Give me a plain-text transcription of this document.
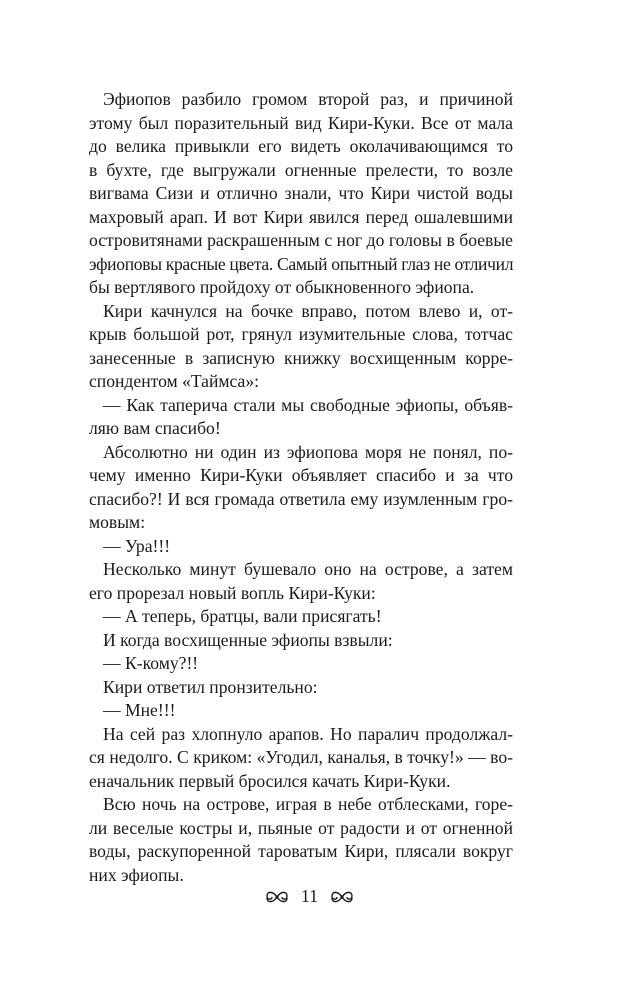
Эфиопов разбило громом второй раз, и причиной
этому был поразительный вид Кири-Куки. Все от мала
до велика привыкли его видеть околачивающимся то
в бухте, где выгружали огненные прелести, то возле
вигвама Сизи и отлично знали, что Кири чистой воды
махровый арап. И вот Кири явился перед ошалевшими
островитянами раскрашенным с ног до головы в боевые
эфиоповы красные цвета. Самый опытный глаз не отличил
бы вертлявого пройдоху от обыкновенного эфиопа.
Кири качнулся на бочке вправо, потом влево и, от-
крыв большой рот, грянул изумительные слова, тотчас
занесенные в записную книжку восхищенным корре-
спондентом «Таймса»:
— Как таперича стали мы свободные эфиопы, объяв-
ляю вам спасибо!
Абсолютно ни один из эфиопова моря не понял, по-
чему именно Кири-Куки объявляет спасибо и за что
спасибо?! И вся громада ответила ему изумленным гро-
мовым:
— Ура!!!
Несколько минут бушевало оно на острове, а затем
его прорезал новый вопль Кири-Куки:
— А теперь, братцы, вали присягать!
И когда восхищенные эфиопы взвыли:
— К-кому?!!
Кири ответил пронзительно:
— Мне!!!
На сей раз хлопнуло арапов. Но паралич продолжал-
ся недолго. С криком: «Угодил, каналья, в точку!» — во-
еначальник первый бросился качать Кири-Куки.
Всю ночь на острове, играя в небе отблесками, горе-
ли веселые костры и, пьяные от радости и от огненной
воды, раскупоренной тароватым Кири, плясали вокруг
них эфиопы.
11
